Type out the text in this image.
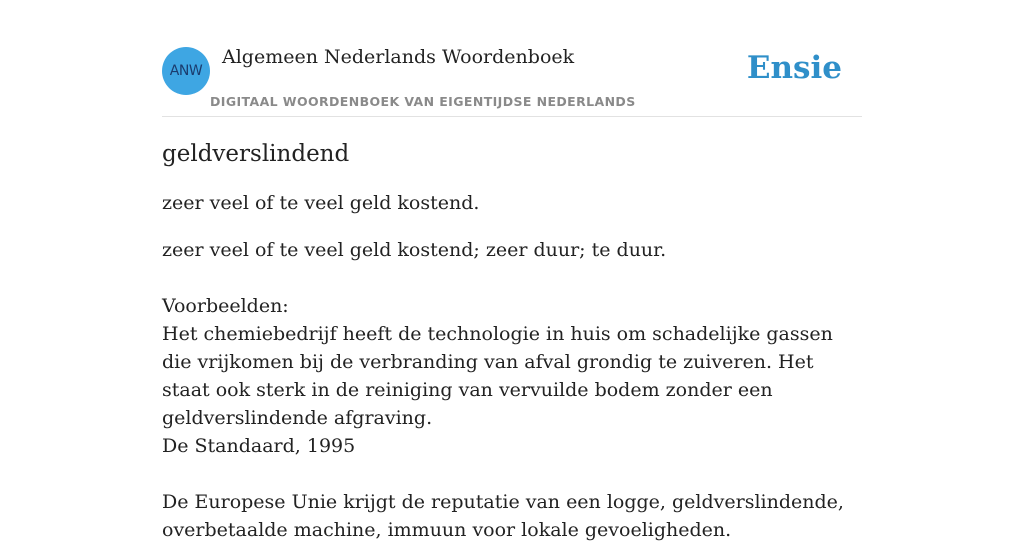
ANW
Algemeen Nederlands Woordenboek
DIGITAAL WOORDENBOEK VAN EIGENTIJDSE NEDERLANDS
Ensie
geldverslindend

zeer veel of te veel geld kostend.

zeer veel of te veel geld kostend; zeer duur; te duur.

Voorbeelden:
Het chemiebedrijf heeft de technologie in huis om schadelijke gassen die vrijkomen bij de verbranding van afval grondig te zuiveren. Het staat ook sterk in de reiniging van vervuilde bodem zonder een geldverslindende afgraving.
De Standaard, 1995
De Europese Unie krijgt de reputatie van een logge, geldverslindende, overbetaalde machine, immuun voor lokale gevoeligheden.
